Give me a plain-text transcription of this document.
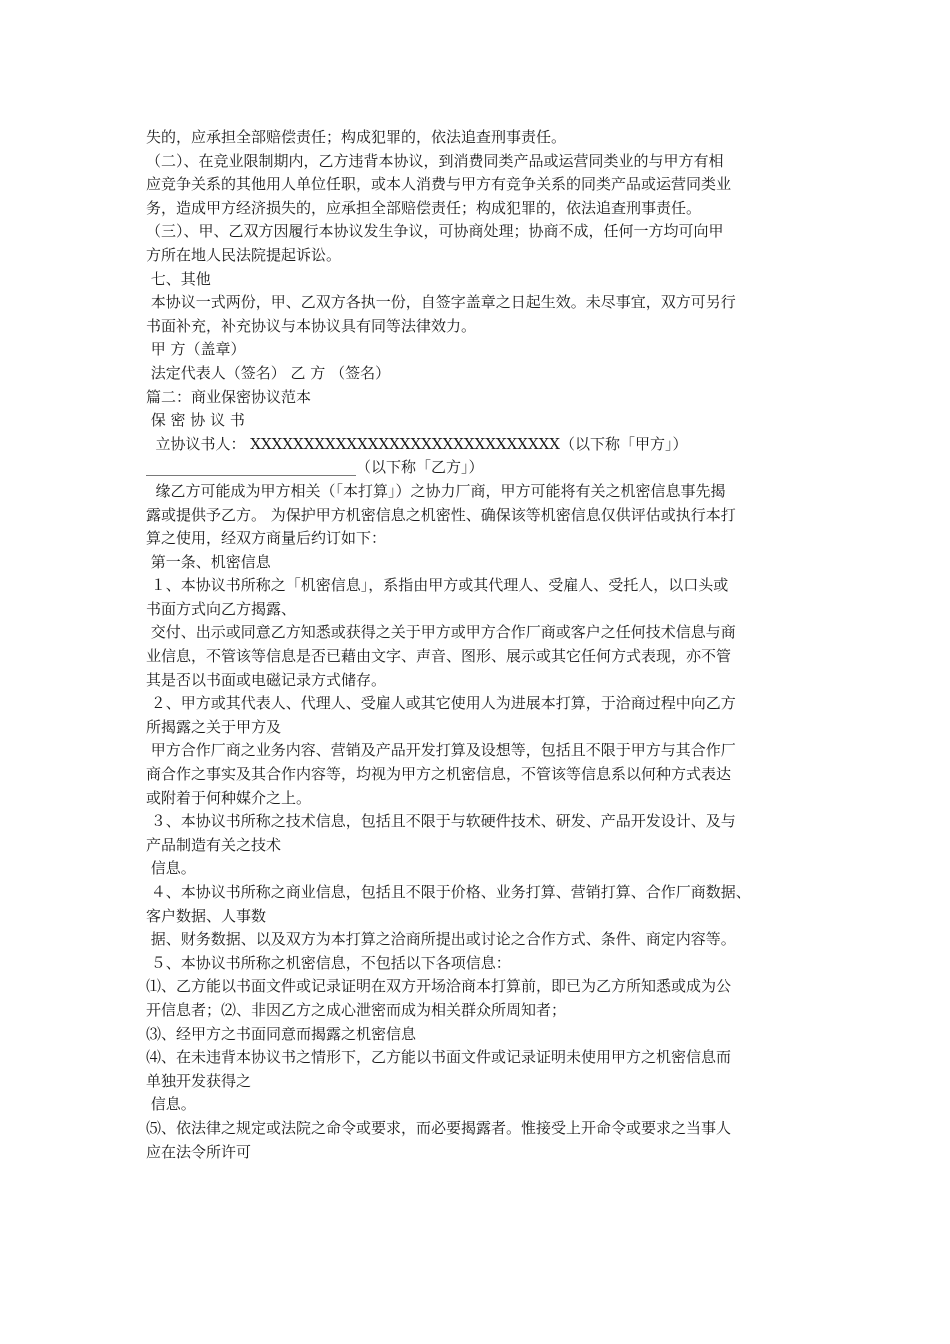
失的，应承担全部赔偿责任；构成犯罪的，依法追查刑事责任。
（二）、在竞业限制期内，乙方违背本协议，到消费同类产品或运营同类业的与甲方有相
应竞争关系的其他用人单位任职，或本人消费与甲方有竞争关系的同类产品或运营同类业
务，造成甲方经济损失的，应承担全部赔偿责任；构成犯罪的，依法追查刑事责任。
（三）、甲、乙双方因履行本协议发生争议，可协商处理；协商不成，任何一方均可向甲
方所在地人民法院提起诉讼。
七、其他
本协议一式两份，甲、乙双方各执一份，自签字盖章之日起生效。未尽事宜，双方可另行
书面补充，补充协议与本协议具有同等法律效力。
甲 方（盖章）
法定代表人（签名） 乙 方 （签名）
篇二：商业保密协议范本
保 密 协 议 书
立协议书人： XXXXXXXXXXXXXXXXXXXXXXXXXXXXX（以下称「甲方」）
____________________________（以下称「乙方」）
缘乙方可能成为甲方相关（「本打算」）之协力厂商，甲方可能将有关之机密信息事先揭
露或提供予乙方。 为保护甲方机密信息之机密性、确保该等机密信息仅供评估或执行本打
算之使用，经双方商量后约订如下：
第一条、机密信息
１、本协议书所称之「机密信息」，系指由甲方或其代理人、受雇人、受托人，以口头或
书面方式向乙方揭露、
交付、出示或同意乙方知悉或获得之关于甲方或甲方合作厂商或客户之任何技术信息与商
业信息，不管该等信息是否已藉由文字、声音、图形、展示或其它任何方式表现，亦不管
其是否以书面或电磁记录方式储存。
２、甲方或其代表人、代理人、受雇人或其它使用人为进展本打算，于洽商过程中向乙方
所揭露之关于甲方及
甲方合作厂商之业务内容、营销及产品开发打算及设想等，包括且不限于甲方与其合作厂
商合作之事实及其合作内容等，均视为甲方之机密信息，不管该等信息系以何种方式表达
或附着于何种媒介之上。
３、本协议书所称之技术信息，包括且不限于与软硬件技术、研发、产品开发设计、及与
产品制造有关之技术
信息。
４、本协议书所称之商业信息，包括且不限于价格、业务打算、营销打算、合作厂商数据、
客户数据、人事数
据、财务数据、以及双方为本打算之洽商所提出或讨论之合作方式、条件、商定内容等。
５、本协议书所称之机密信息，不包括以下各项信息：
⑴、乙方能以书面文件或记录证明在双方开场洽商本打算前，即已为乙方所知悉或成为公
开信息者；⑵、非因乙方之成心泄密而成为相关群众所周知者；
⑶、经甲方之书面同意而揭露之机密信息
⑷、在未违背本协议书之情形下，乙方能以书面文件或记录证明未使用甲方之机密信息而
单独开发获得之
信息。
⑸、依法律之规定或法院之命令或要求，而必要揭露者。惟接受上开命令或要求之当事人
应在法令所许可
